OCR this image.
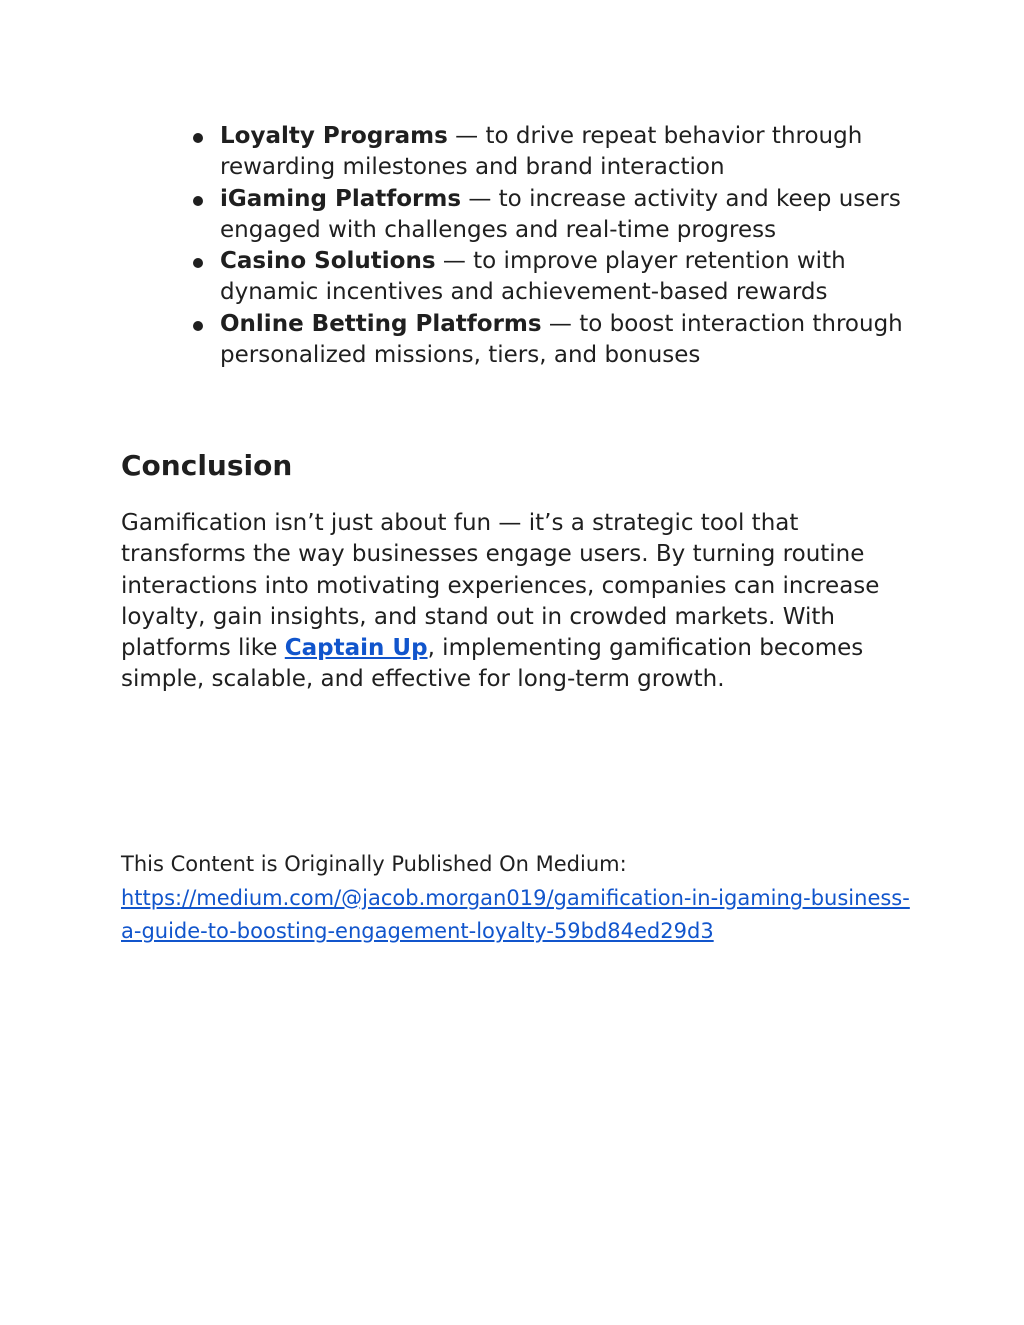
Loyalty Programs — to drive repeat behavior through rewarding milestones and brand interaction
iGaming Platforms — to increase activity and keep users engaged with challenges and real-time progress
Casino Solutions — to improve player retention with dynamic incentives and achievement-based rewards
Online Betting Platforms — to boost interaction through personalized missions, tiers, and bonuses
Conclusion

Gamification isn’t just about fun — it’s a strategic tool that transforms the way businesses engage users. By turning routine interactions into motivating experiences, companies can increase loyalty, gain insights, and stand out in crowded markets. With platforms like Captain Up, implementing gamification becomes simple, scalable, and effective for long-term growth.

This Content is Originally Published On Medium:
https://medium.com/@jacob.morgan019/gamification-in-igaming-business-a-guide-to-boosting-engagement-loyalty-59bd84ed29d3
